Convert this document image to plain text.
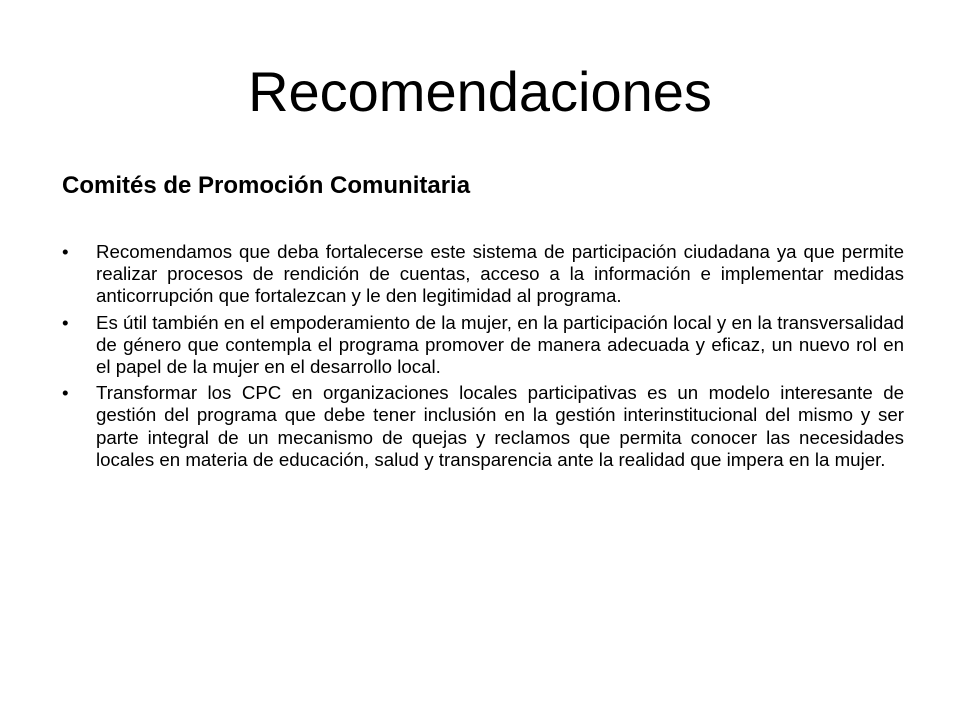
Recomendaciones
Comités de Promoción Comunitaria
• Recomendamos que deba fortalecerse este sistema de participación ciudadana ya que permite realizar procesos de rendición de cuentas, acceso a la información e implementar medidas anticorrupción que fortalezcan y le den legitimidad al programa.
• Es útil también en el empoderamiento de la mujer, en la participación local y en la transversalidad de género que contempla el programa promover de manera adecuada y eficaz, un nuevo rol en el papel de la mujer en el desarrollo local.
• Transformar los CPC en organizaciones locales participativas es un modelo interesante de gestión del programa que debe tener inclusión en la gestión interinstitucional del mismo y ser parte integral de un mecanismo de quejas y reclamos que permita conocer las necesidades locales en materia de educación, salud y transparencia ante la realidad que impera en la mujer.
